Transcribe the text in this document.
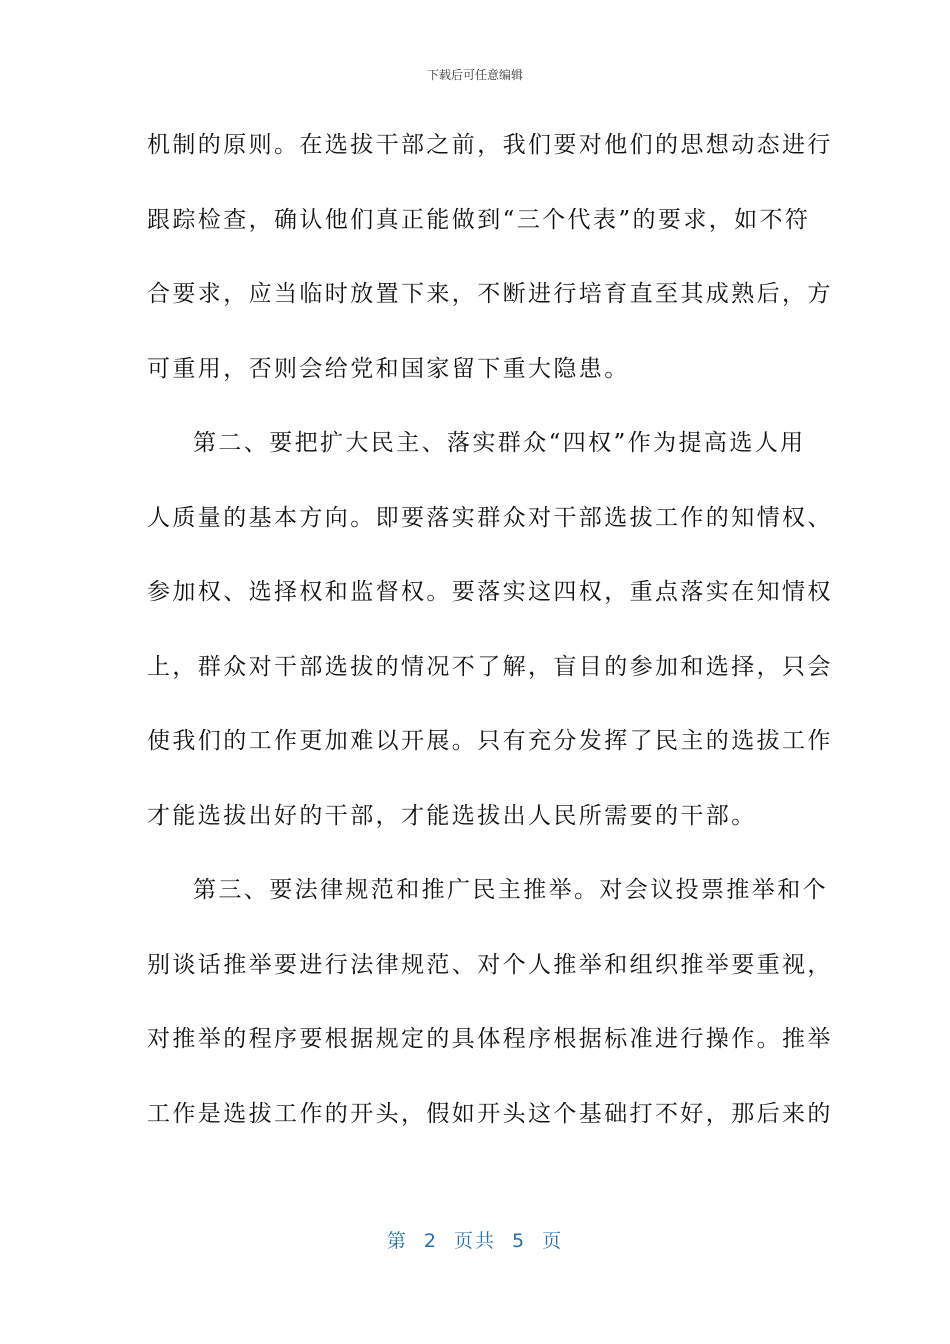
下载后可任意编辑
机制的原则。在选拔干部之前，我们要对他们的思想动态进行
跟踪检查，确认他们真正能做到“三个代表”的要求，如不符
合要求，应当临时放置下来，不断进行培育直至其成熟后，方
可重用，否则会给党和国家留下重大隐患。
第二、要把扩大民主、落实群众“四权”作为提高选人用
人质量的基本方向。即要落实群众对干部选拔工作的知情权、
参加权、选择权和监督权。要落实这四权，重点落实在知情权
上，群众对干部选拔的情况不了解，盲目的参加和选择，只会
使我们的工作更加难以开展。只有充分发挥了民主的选拔工作
才能选拔出好的干部，才能选拔出人民所需要的干部。
第三、要法律规范和推广民主推举。对会议投票推举和个
别谈话推举要进行法律规范、对个人推举和组织推举要重视，
对推举的程序要根据规定的具体程序根据标准进行操作。推举
工作是选拔工作的开头，假如开头这个基础打不好，那后来的
第 2 页共 5 页
